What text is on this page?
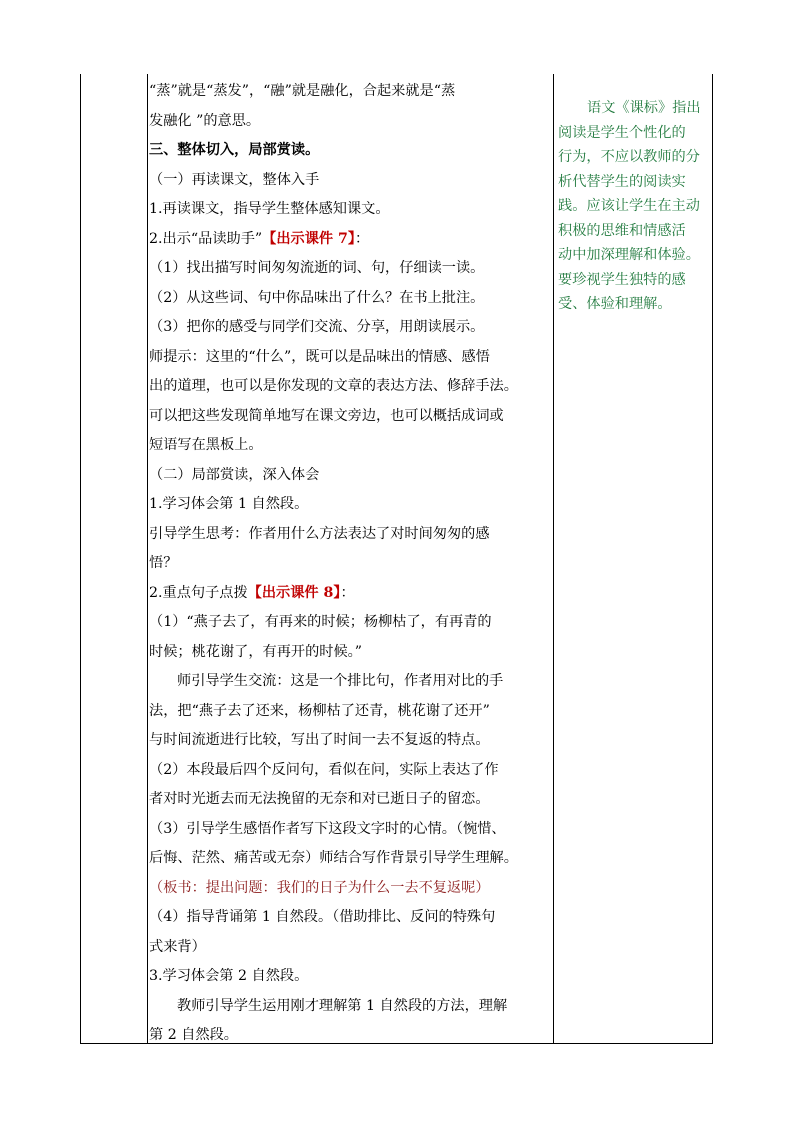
“蒸”就是“蒸发”，“融”就是融化，合起来就是“蒸
发融化 ”的意思。
三、整体切入，局部赏读。
（一）再读课文，整体入手
1.再读课文，指导学生整体感知课文。
2.出示“品读助手”【出示课件 7】：
（1）找出描写时间匆匆流逝的词、句，仔细读一读。
（2）从这些词、句中你品味出了什么？在书上批注。
（3）把你的感受与同学们交流、分享，用朗读展示。
师提示：这里的“什么”，既可以是品味出的情感、感悟
出的道理，也可以是你发现的文章的表达方法、修辞手法。
可以把这些发现简单地写在课文旁边，也可以概括成词或
短语写在黑板上。
（二）局部赏读，深入体会
1.学习体会第 1 自然段。
引导学生思考：作者用什么方法表达了对时间匆匆的感
悟？
2.重点句子点拨【出示课件 8】：
（1）“燕子去了，有再来的时候；杨柳枯了，有再青的
时候；桃花谢了，有再开的时候。”
师引导学生交流：这是一个排比句，作者用对比的手
法，把“燕子去了还来，杨柳枯了还青，桃花谢了还开”
与时间流逝进行比较，写出了时间一去不复返的特点。
（2）本段最后四个反问句，看似在问，实际上表达了作
者对时光逝去而无法挽留的无奈和对已逝日子的留恋。
（3）引导学生感悟作者写下这段文字时的心情。（惋惜、
后悔、茫然、痛苦或无奈）师结合写作背景引导学生理解。
（板书：提出问题：我们的日子为什么一去不复返呢）
（4）指导背诵第 1 自然段。（借助排比、反问的特殊句
式来背）
3.学习体会第 2 自然段。
教师引导学生运用刚才理解第 1 自然段的方法，理解
第 2 自然段。
语文《课标》指出
阅读是学生个性化的
行为，不应以教师的分
析代替学生的阅读实
践。应该让学生在主动
积极的思维和情感活
动中加深理解和体验。
要珍视学生独特的感
受、体验和理解。
